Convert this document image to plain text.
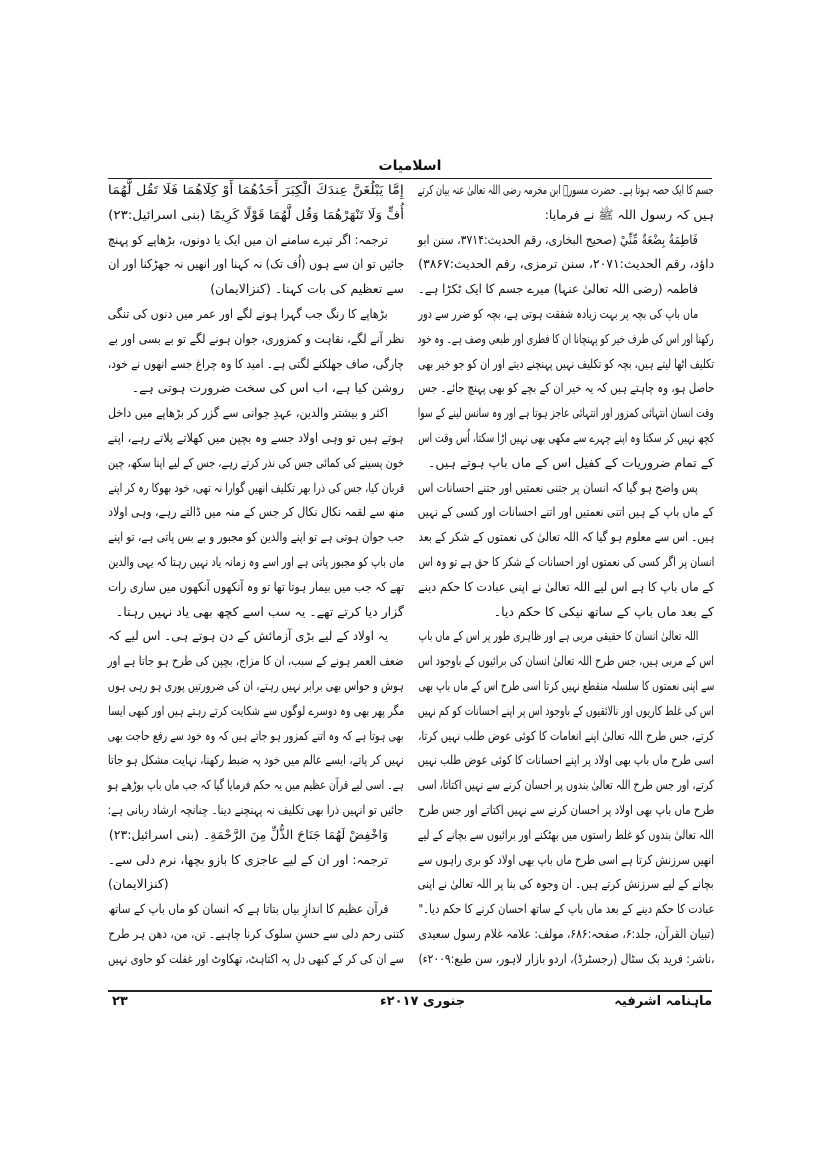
اسلامیات
جسم کا ایک حصہ ہوتا ہے۔ حضرت مسورؓ ابن مخرمہ رضی اللہ تعالیٰ عنہ بیان کرتے
ہیں کہ رسول اللہ ﷺ نے فرمایا:
فَاطِمَةُ بِضْعَةٌ مِّنِّيْ (صحیح البخاری، رقم الحدیث:۳۷۱۴، سنن ابو
داؤد، رقم الحدیث:۲۰۷۱، سنن ترمزی، رقم الحدیث:۳۸۶۷)
فاطمہ (رضی اللہ تعالیٰ عنہا) میرے جسم کا ایک ٹکڑا ہے۔
ماں باپ کی بچہ پر بہت زیادہ شفقت ہوتی ہے، بچہ کو ضرر سے دور
رکھنا اور اس کی طرف خیر کو پہنچانا ان کا فطری اور طبعی وصف ہے۔ وہ خود
تکلیف اٹھا لیتے ہیں، بچہ کو تکلیف نہیں پہنچنے دیتے اور ان کو جو خیر بھی
حاصل ہو، وہ چاہتے ہیں کہ یہ خیر ان کے بچے کو بھی پہنچ جائے۔ جس
وقت انسان انتہائی کمزور اور انتہائی عاجز ہوتا ہے اور وہ سانس لینے کے سوا
کچھ نہیں کر سکتا وہ اپنے چہرے سے مکھی بھی نہیں اڑا سکتا، اُس وقت اس
کے تمام ضروریات کے کفیل اس کے ماں باپ ہوتے ہیں۔
پس واضح ہو گیا کہ انسان پر جتنی نعمتیں اور جتنے احسانات اس
کے ماں باپ کے ہیں اتنی نعمتیں اور اتنے احسانات اور کسی کے نہیں
ہیں۔ اس سے معلوم ہو گیا کہ اللہ تعالیٰ کی نعمتوں کے شکر کے بعد
انسان پر اگر کسی کی نعمتوں اور احسانات کے شکر کا حق ہے تو وہ اس
کے ماں باپ کا ہے اس لیے اللہ تعالیٰ نے اپنی عبادت کا حکم دینے
کے بعد ماں باپ کے ساتھ نیکی کا حکم دیا۔
اللہ تعالیٰ انسان کا حقیقی مربی ہے اور ظاہری طور پر اس کے ماں باپ
اس کے مربی ہیں، جس طرح اللہ تعالیٰ انسان کی برائیوں کے باوجود اس
سے اپنی نعمتوں کا سلسلہ منقطع نہیں کرتا اسی طرح اس کے ماں باپ بھی
اس کی غلط کاریوں اور نالائقیوں کے باوجود اس پر اپنے احسانات کو کم نہیں
کرتے، جس طرح اللہ تعالیٰ اپنے انعامات کا کوئی عوض طلب نہیں کرتا،
اسی طرح ماں باپ بھی اولاد پر اپنے احسانات کا کوئی عوض طلب نہیں
کرتے، اور جس طرح اللہ تعالیٰ بندوں پر احسان کرنے سے نہیں اکتاتا، اسی
طرح ماں باپ بھی اولاد پر احسان کرنے سے نہیں اکتاتے اور جس طرح
اللہ تعالیٰ بندوں کو غلط راستوں میں بھٹکنے اور برائیوں سے بچانے کے لیے
انھیں سرزنش کرتا ہے اسی طرح ماں باپ بھی اولاد کو بری راہوں سے
بچانے کے لیے سرزنش کرتے ہیں۔ ان وجوہ کی بنا پر اللہ تعالیٰ نے اپنی
عبادت کا حکم دینے کے بعد ماں باپ کے ساتھ احسان کرنے کا حکم دیا۔"
(تبیان القرآن، جلد:۶، صفحہ:۶۸۶، مولف: علامہ غلام رسول سعیدی
،ناشر: فرید بک سٹال (رجسٹرڈ)، اردو بازار لاہور، سن طبع:۲۰۰۹ء)
إِمَّا يَبْلُغَنَّ عِندَكَ الْكِبَرَ أَحَدُهُمَا أَوْ كِلَاهُمَا فَلَا تَقُل لَّهُمَا
أُفٍّ وَلَا تَنْهَرْهُمَا وَقُل لَّهُمَا قَوْلًا كَرِيمًا (بنی اسرائیل:۲۳)
ترجمہ: اگر تیرے سامنے ان میں ایک یا دونوں، بڑھاپے کو پہنچ
جائیں تو ان سے ہوں (اُف تک) نہ کہنا اور انھیں نہ جھڑکنا اور ان
سے تعظیم کی بات کہنا۔ (کنزالایمان)
بڑھاپے کا رنگ جب گہرا ہونے لگے اور عمر میں دنوں کی تنگی
نظر آنے لگے، نقاہت و کمزوری، جوان ہونے لگے تو بے بسی اور بے
چارگی، صاف جھلکنے لگتی ہے۔ امید کا وہ چراغ جسے انھوں نے خود،
روشن کیا ہے، اب اس کی سخت ضرورت ہوتی ہے۔
اکثر و بیشتر والدین، عہدِ جوانی سے گزر کر بڑھاپے میں داخل
ہوتے ہیں تو وہی اولاد جسے وہ بچپن میں کھلاتے پلاتے رہے، اپنے
خون پسینے کی کمائی جس کی نذر کرتے رہے، جس کے لیے اپنا سکھ، چین
قربان کیا، جس کی ذرا بھر تکلیف انھیں گوارا نہ تھی، خود بھوکا رہ کر اپنے
منھ سے لقمہ نکال نکال کر جس کے منہ میں ڈالتے رہے، وہی اولاد
جب جوان ہوتی ہے تو اپنے والدین کو مجبور و بے بس پاتی ہے، تو اپنے
ماں باپ کو مجبور پاتی ہے اور اسے وہ زمانہ یاد نہیں رہتا کہ یہی والدین
تھے کہ جب میں بیمار ہوتا تھا تو وہ آنکھوں آنکھوں میں ساری رات
گزار دیا کرتے تھے۔ یہ سب اسے کچھ بھی یاد نہیں رہتا۔
یہ اولاد کے لیے بڑی آزمائش کے دن ہوتے ہی۔ اس لیے کہ
ضعف العمر ہونے کے سبب، ان کا مزاج، بچپن کی طرح ہو جاتا ہے اور
ہوش و حواس بھی برابر نہیں رہتے، ان کی ضرورتیں پوری ہو رہی ہوں
مگر پھر بھی وہ دوسرے لوگوں سے شکایت کرتے رہتے ہیں اور کبھی ایسا
بھی ہوتا ہے کہ وہ اتنے کمزور ہو جاتے ہیں کہ وہ خود سے رفع حاجت بھی
نہیں کر پاتے، ایسے عالم میں خود پہ ضبط رکھنا، نہایت مشکل ہو جاتا
ہے۔ اسی لیے قرآن عظیم میں یہ حکم فرمایا گیا کہ جب ماں باپ بوڑھے ہو
جائیں تو انہیں ذرا بھی تکلیف نہ پہنچنے دینا۔ چنانچہ ارشاد ربانی ہے:
وَاخْفِضْ لَهُمَا جَنَاحَ الذُّلِّ مِنَ الرَّحْمَةِ۔ (بنی اسرائیل:۲۳)
ترجمہ: اور ان کے لیے عاجزی کا بازو بچھا، نرم دلی سے۔
(کنزالایمان)
قرآن عظیم کا اندازِ بیاں بتاتا ہے کہ انسان کو ماں باپ کے ساتھ
کتنی رحم دلی سے حسنِ سلوک کرنا چاہیے۔ تن، من، دھن ہر طرح
سے ان کی کر کے کبھی دل پہ اکتاہٹ، تھکاوٹ اور غفلت کو حاوی نہیں
ماہنامہ اشرفیہ
جنوری ۲۰۱۷ء
۲۳
